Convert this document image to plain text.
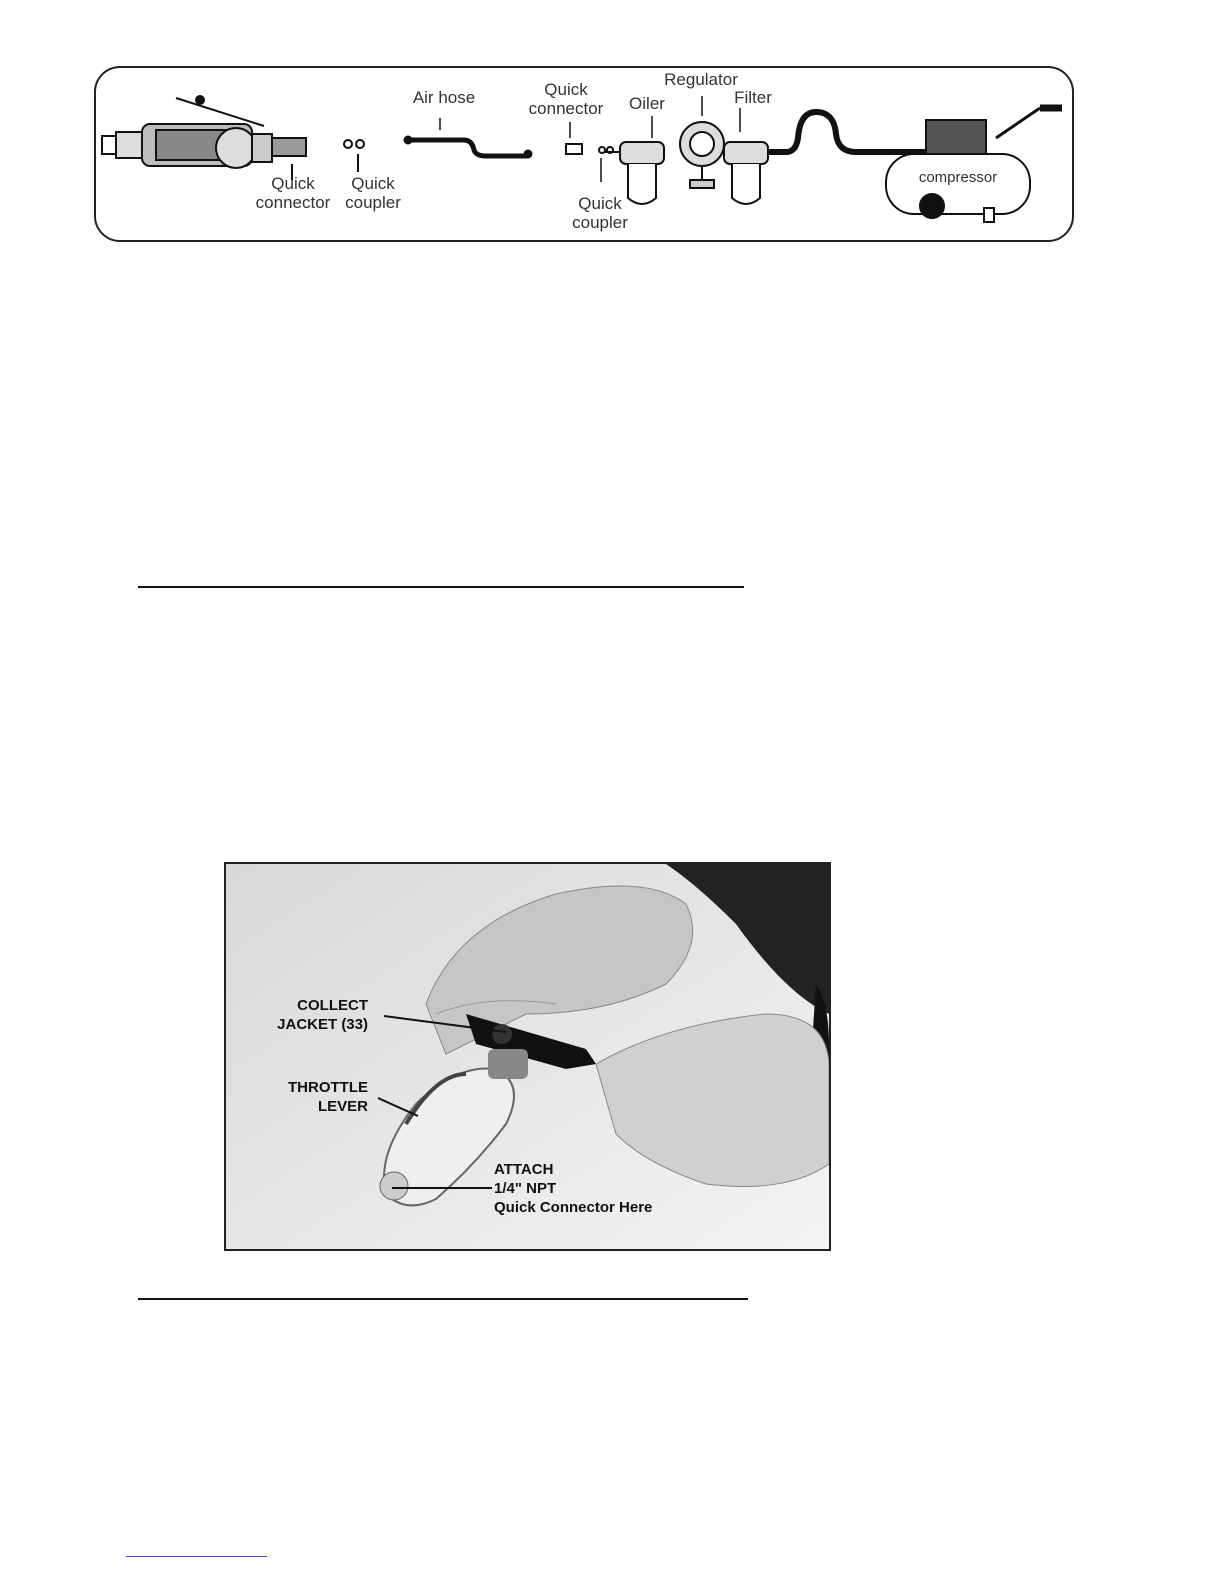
Quick
connector
Quick
coupler
Air hose	Quick
connector	Oiler
Regulator
Filter
Quick
coupler
compressor
COLLECT
JACKET (33)
THROTTLE
LEVER
ATTACH
1/4" NPT
Quick Connector Here
